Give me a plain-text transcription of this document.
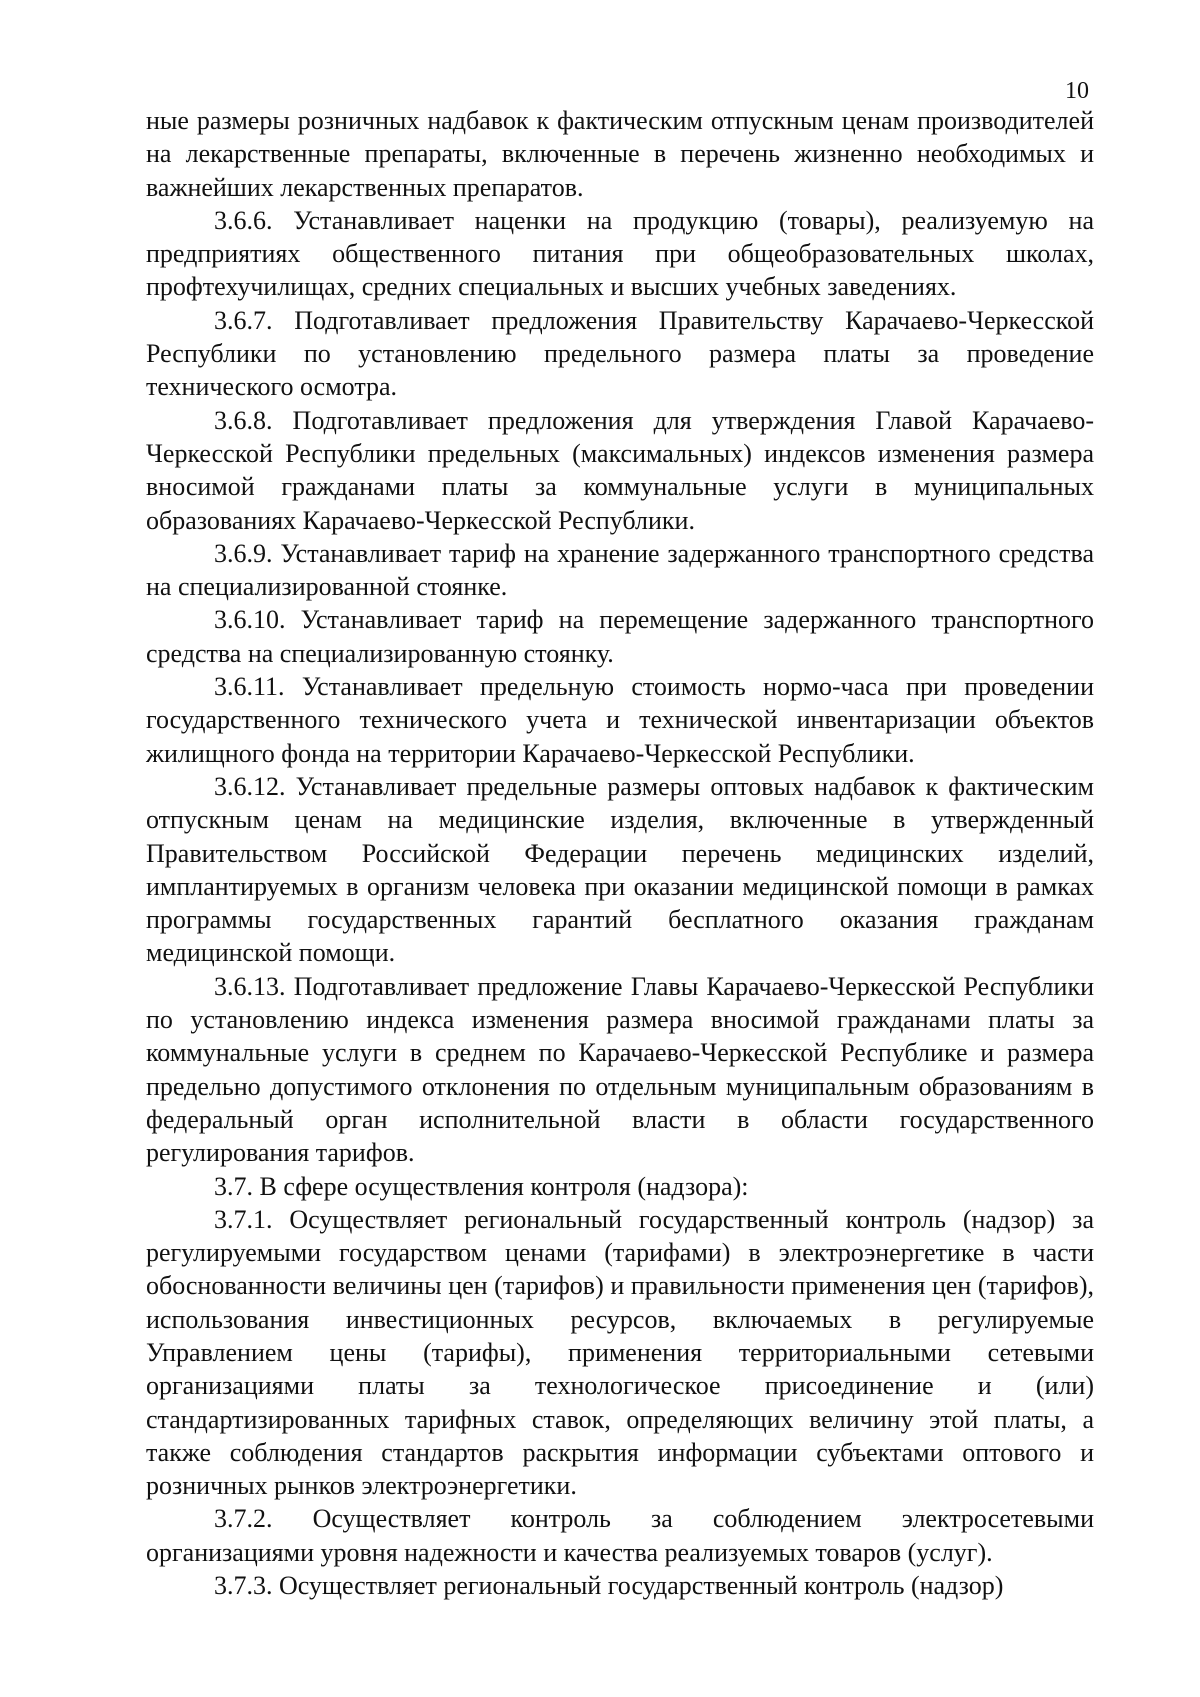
10

ные размеры розничных надбавок к фактическим отпускным ценам производителей на лекарственные препараты, включенные в перечень жизненно необходимых и важнейших лекарственных препаратов.

3.6.6. Устанавливает наценки на продукцию (товары), реализуемую на предприятиях общественного питания при общеобразовательных школах, профтехучилищах, средних специальных и высших учебных заведениях.

3.6.7. Подготавливает предложения Правительству Карачаево-Черкесской Республики по установлению предельного размера платы за проведение технического осмотра.

3.6.8. Подготавливает предложения для утверждения Главой Карачаево-Черкесской Республики предельных (максимальных) индексов изменения размера вносимой гражданами платы за коммунальные услуги в муниципальных образованиях Карачаево-Черкесской Республики.

3.6.9. Устанавливает тариф на хранение задержанного транспортного средства на специализированной стоянке.

3.6.10. Устанавливает тариф на перемещение задержанного транспортного средства на специализированную стоянку.

3.6.11. Устанавливает предельную стоимость нормо-часа при проведении государственного технического учета и технической инвентаризации объектов жилищного фонда на территории Карачаево-Черкесской Республики.

3.6.12. Устанавливает предельные размеры оптовых надбавок к фактическим отпускным ценам на медицинские изделия, включенные в утвержденный Правительством Российской Федерации перечень медицинских изделий, имплантируемых в организм человека при оказании медицинской помощи в рамках программы государственных гарантий бесплатного оказания гражданам медицинской помощи.

3.6.13. Подготавливает предложение Главы Карачаево-Черкесской Республики по установлению индекса изменения размера вносимой гражданами платы за коммунальные услуги в среднем по Карачаево-Черкесской Республике и размера предельно допустимого отклонения по отдельным муниципальным образованиям в федеральный орган исполнительной власти в области государственного регулирования тарифов.

3.7. В сфере осуществления контроля (надзора):

3.7.1. Осуществляет региональный государственный контроль (надзор) за регулируемыми государством ценами (тарифами) в электроэнергетике в части обоснованности величины цен (тарифов) и правильности применения цен (тарифов), использования инвестиционных ресурсов, включаемых в регулируемые Управлением цены (тарифы), применения территориальными сетевыми организациями платы за технологическое присоединение и (или) стандартизированных тарифных ставок, определяющих величину этой платы, а также соблюдения стандартов раскрытия информации субъектами оптового и розничных рынков электроэнергетики.

3.7.2. Осуществляет контроль за соблюдением электросетевыми организациями уровня надежности и качества реализуемых товаров (услуг).

3.7.3. Осуществляет региональный государственный контроль (надзор)
